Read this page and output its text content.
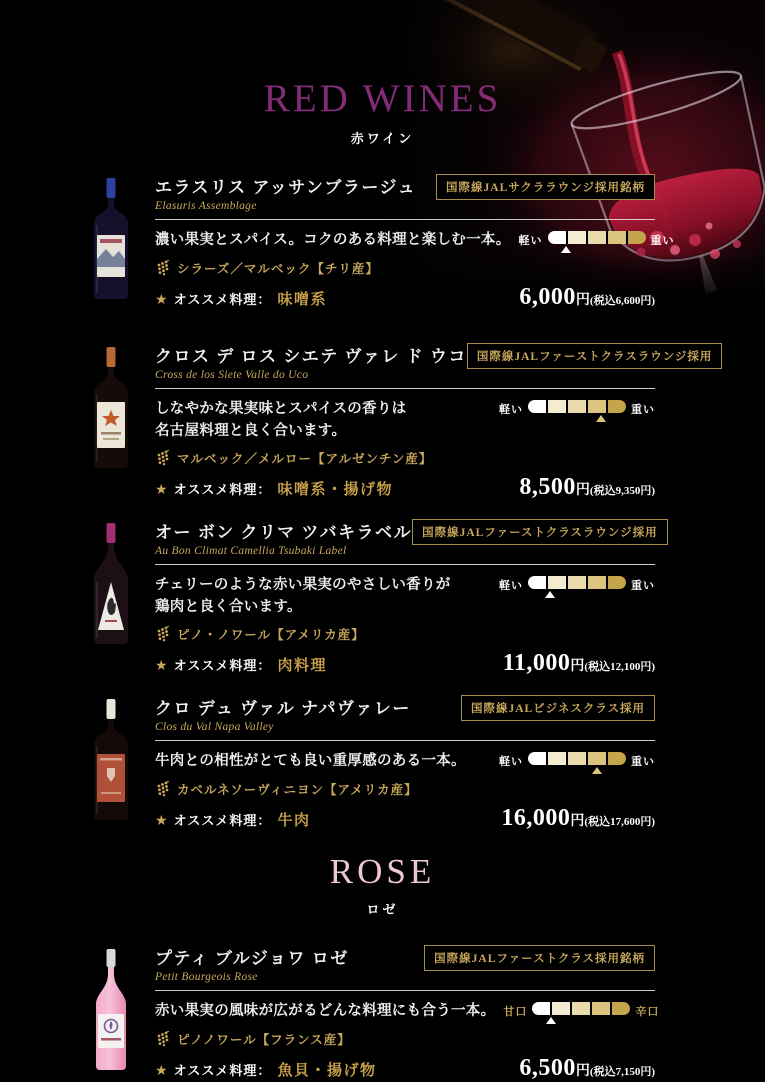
RED WINES
赤ワイン
エラスリス アッサンブラージュ
Elasuris Assemblage
国際線JALサクララウンジ採用銘柄
濃い果実とスパイス。コクのある料理と楽しむ一本。 軽い	重い
シラーズ／マルベック【チリ産】
★ オススメ料理： 味噌系	6,000円(税込6,600円)
クロス デ ロス シエテ ヴァレ ド ウコ
Cross de los Siete Valle do Uco
国際線JALファーストクラスラウンジ採用
しなやかな果実味とスパイスの香りは
名古屋料理と良く合います。
軽い	重い
マルベック／メルロー【アルゼンチン産】
★ オススメ料理： 味噌系・揚げ物	8,500円(税込9,350円)
オー ボン クリマ ツバキラベル
Au Bon Climat Camellia Tsubaki Label
国際線JALファーストクラスラウンジ採用
チェリーのような赤い果実のやさしい香りが
鶏肉と良く合います。
軽い	重い
ピノ・ノワール【アメリカ産】
★ オススメ料理： 肉料理	11,000円(税込12,100円)
クロ デュ ヴァル ナパヴァレー
Clos du Val Napa Valley
国際線JALビジネスクラス採用
牛肉との相性がとても良い重厚感のある一本。	軽い	重い
カベルネソーヴィニヨン【アメリカ産】
★ オススメ料理： 牛肉	16,000円(税込17,600円)
ROSE
ロゼ
プティ ブルジョワ ロゼ
Petit Bourgeois Rose
国際線JALファーストクラス採用銘柄
赤い果実の風味が広がるどんな料理にも合う一本。 甘口	辛口
ピノノワール【フランス産】
★ オススメ料理： 魚貝・揚げ物	6,500円(税込7,150円)
